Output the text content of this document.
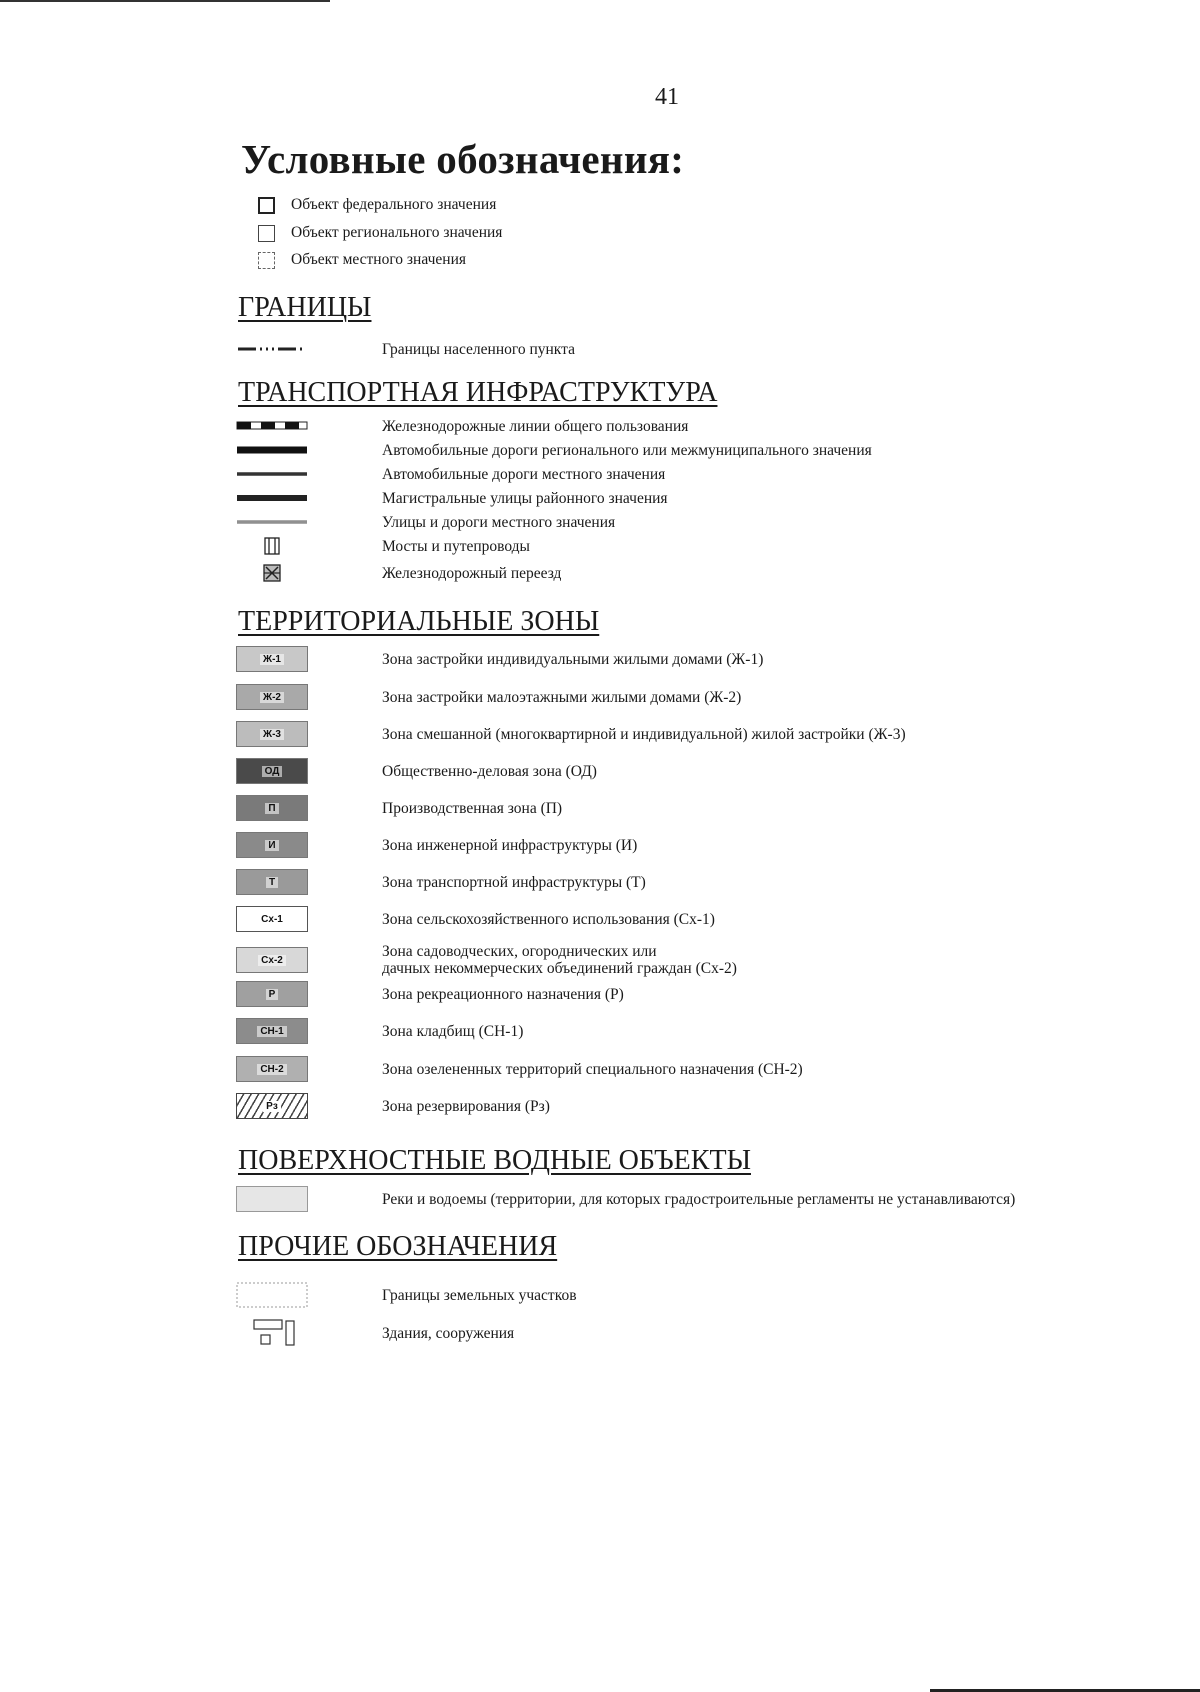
41
Условные обозначения:
Объект федерального значения
Объект регионального значения
Объект местного значения
ГРАНИЦЫ
Границы населенного пункта
ТРАНСПОРТНАЯ ИНФРАСТРУКТУРА
Железнодорожные линии общего пользования
Автомобильные дороги регионального или межмуниципального значения
Автомобильные дороги местного значения
Магистральные улицы районного значения
Улицы и дороги местного значения
Мосты и путепроводы
Железнодорожный переезд
ТЕРРИТОРИАЛЬНЫЕ ЗОНЫ
Ж-1	Зона застройки индивидуальными жилыми домами (Ж-1)
Ж-2	Зона застройки малоэтажными жилыми домами (Ж-2)
Ж-3	Зона смешанной (многоквартирной и индивидуальной) жилой застройки (Ж-3)
ОД	Общественно-деловая зона (ОД)
П	Производственная зона (П)
И	Зона инженерной инфраструктуры (И)
Т	Зона транспортной инфраструктуры (Т)
Сх-1	Зона сельскохозяйственного использования (Сх-1)
Сх-2	Зона садоводческих, огороднических или
дачных некоммерческих объединений граждан (Сх-2)
Р	Зона рекреационного назначения (Р)
СН-1	Зона кладбищ (СН-1)
СН-2	Зона озелененных территорий специального назначения (СН-2)
Рз	Зона резервирования (Рз)
ПОВЕРХНОСТНЫЕ ВОДНЫЕ ОБЪЕКТЫ
Реки и водоемы (территории, для которых градостроительные регламенты не устанавливаются)
ПРОЧИЕ ОБОЗНАЧЕНИЯ
Границы земельных участков
Здания, сооружения
